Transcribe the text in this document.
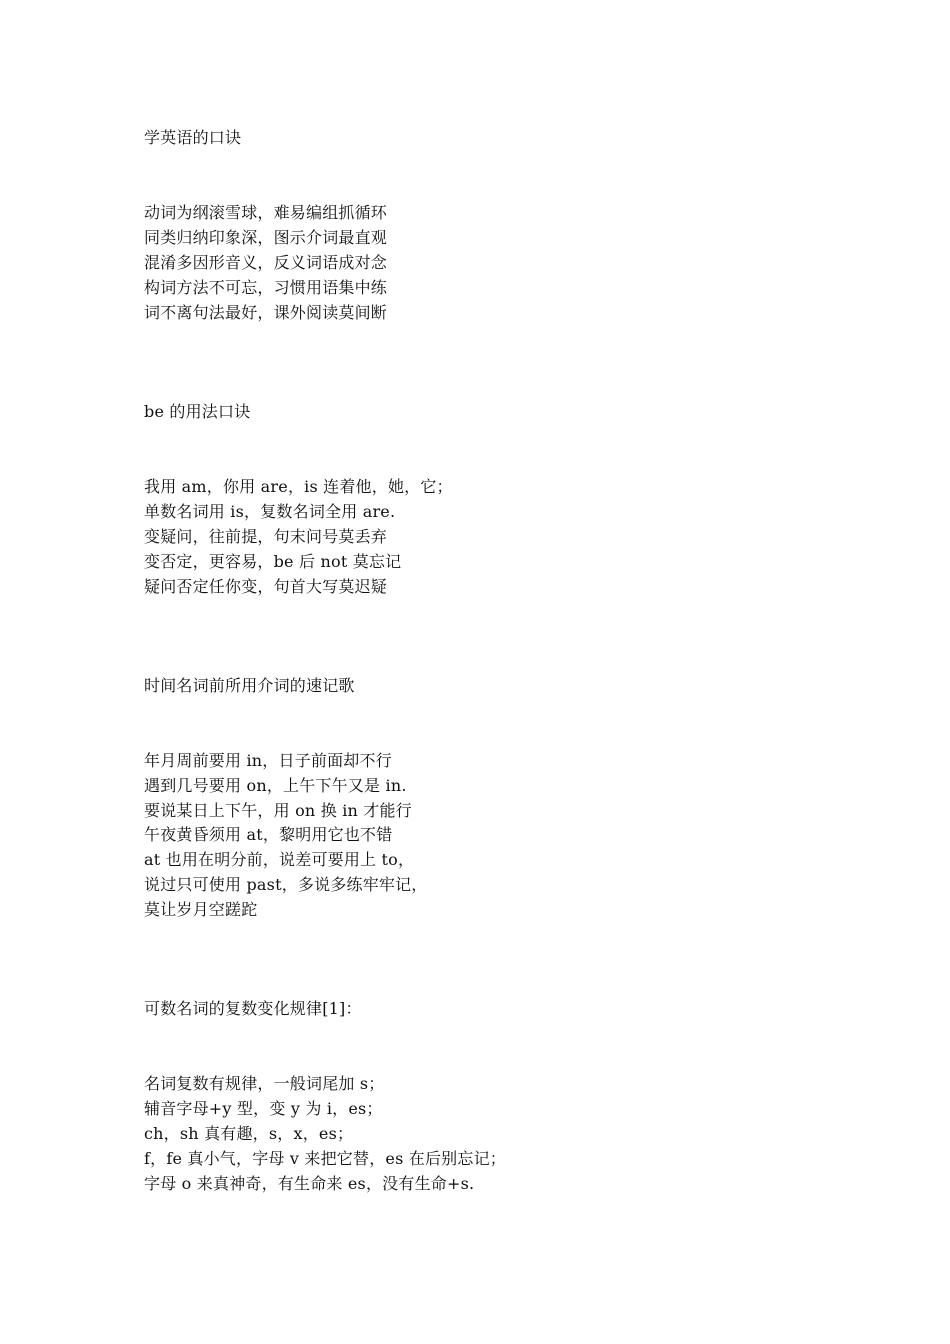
学英语的口诀
动词为纲滚雪球，难易编组抓循环
同类归纳印象深，图示介词最直观
混淆多因形音义，反义词语成对念
构词方法不可忘，习惯用语集中练
词不离句法最好，课外阅读莫间断
be 的用法口诀
我用 am，你用 are，is 连着他，她，它；
单数名词用 is，复数名词全用 are.
变疑问，往前提，句末问号莫丢弃
变否定，更容易，be 后 not 莫忘记
疑问否定任你变，句首大写莫迟疑
时间名词前所用介词的速记歌
年月周前要用 in，日子前面却不行
遇到几号要用 on，上午下午又是 in.
要说某日上下午，用 on 换 in 才能行
午夜黄昏须用 at，黎明用它也不错
at 也用在明分前，说差可要用上 to，
说过只可使用 past，多说多练牢牢记，
莫让岁月空蹉跎
可数名词的复数变化规律[1]：
名词复数有规律，一般词尾加 s；
辅音字母+y 型，变 y 为 i，es；
ch，sh 真有趣，s，x，es；
f，fe 真小气，字母 v 来把它替，es 在后别忘记；
字母 o 来真神奇，有生命来 es，没有生命+s.
